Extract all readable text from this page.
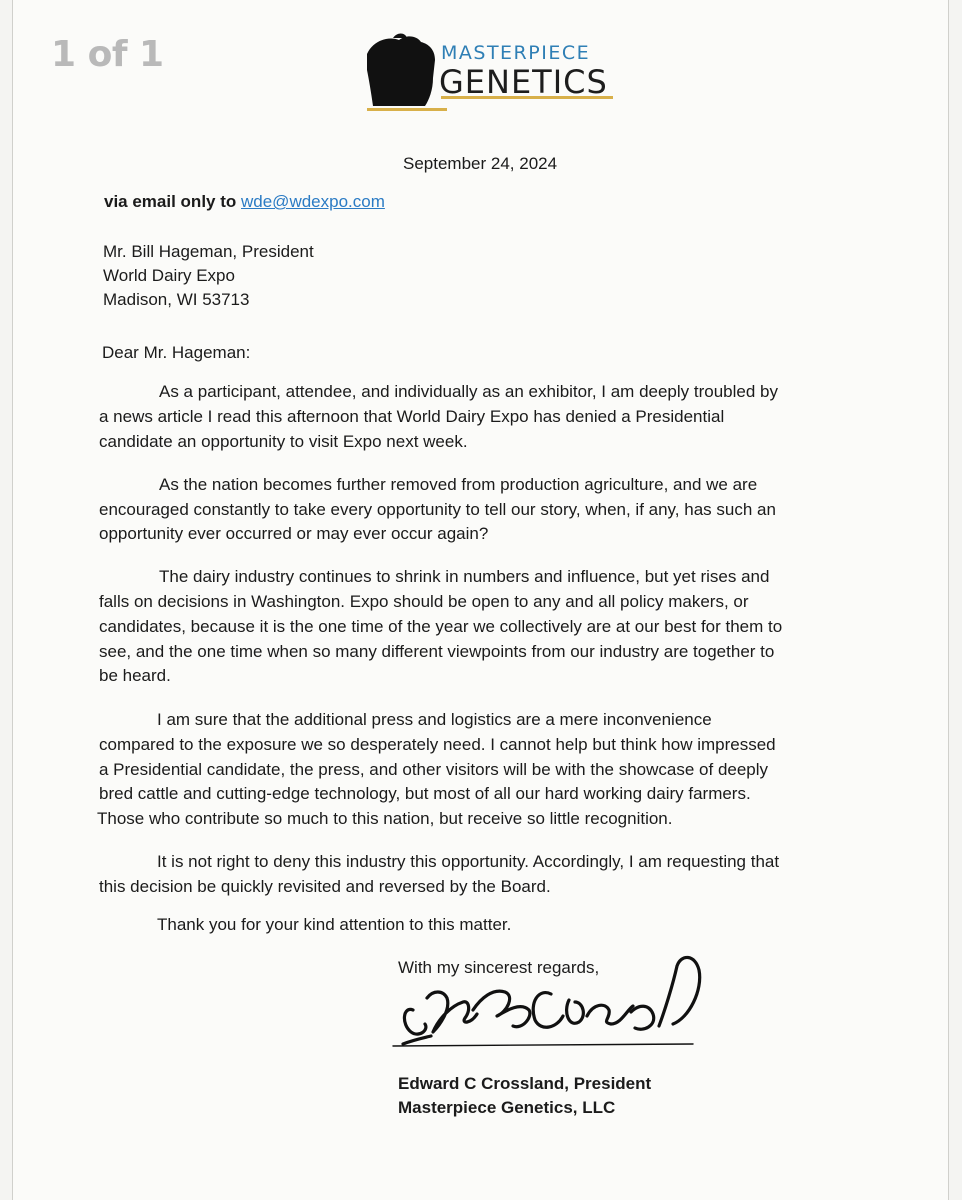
1 of 1	MASTERPIECE
GENETICS
September 24, 2024
via email only to wde@wdexpo.com
Mr. Bill Hageman, President
World Dairy Expo
Madison, WI 53713
Dear Mr. Hageman:
As a participant, attendee, and individually as an exhibitor, I am deeply troubled by
a news article I read this afternoon that World Dairy Expo has denied a Presidential
candidate an opportunity to visit Expo next week.
As the nation becomes further removed from production agriculture, and we are
encouraged constantly to take every opportunity to tell our story, when, if any, has such an
opportunity ever occurred or may ever occur again?
The dairy industry continues to shrink in numbers and influence, but yet rises and
falls on decisions in Washington. Expo should be open to any and all policy makers, or
candidates, because it is the one time of the year we collectively are at our best for them to
see, and the one time when so many different viewpoints from our industry are together to
be heard.
I am sure that the additional press and logistics are a mere inconvenience
compared to the exposure we so desperately need. I cannot help but think how impressed
a Presidential candidate, the press, and other visitors will be with the showcase of deeply
bred cattle and cutting-edge technology, but most of all our hard working dairy farmers.
Those who contribute so much to this nation, but receive so little recognition.
It is not right to deny this industry this opportunity. Accordingly, I am requesting that
this decision be quickly revisited and reversed by the Board.
Thank you for your kind attention to this matter.
With my sincerest regards,
Edward C Crossland, President
Masterpiece Genetics, LLC
